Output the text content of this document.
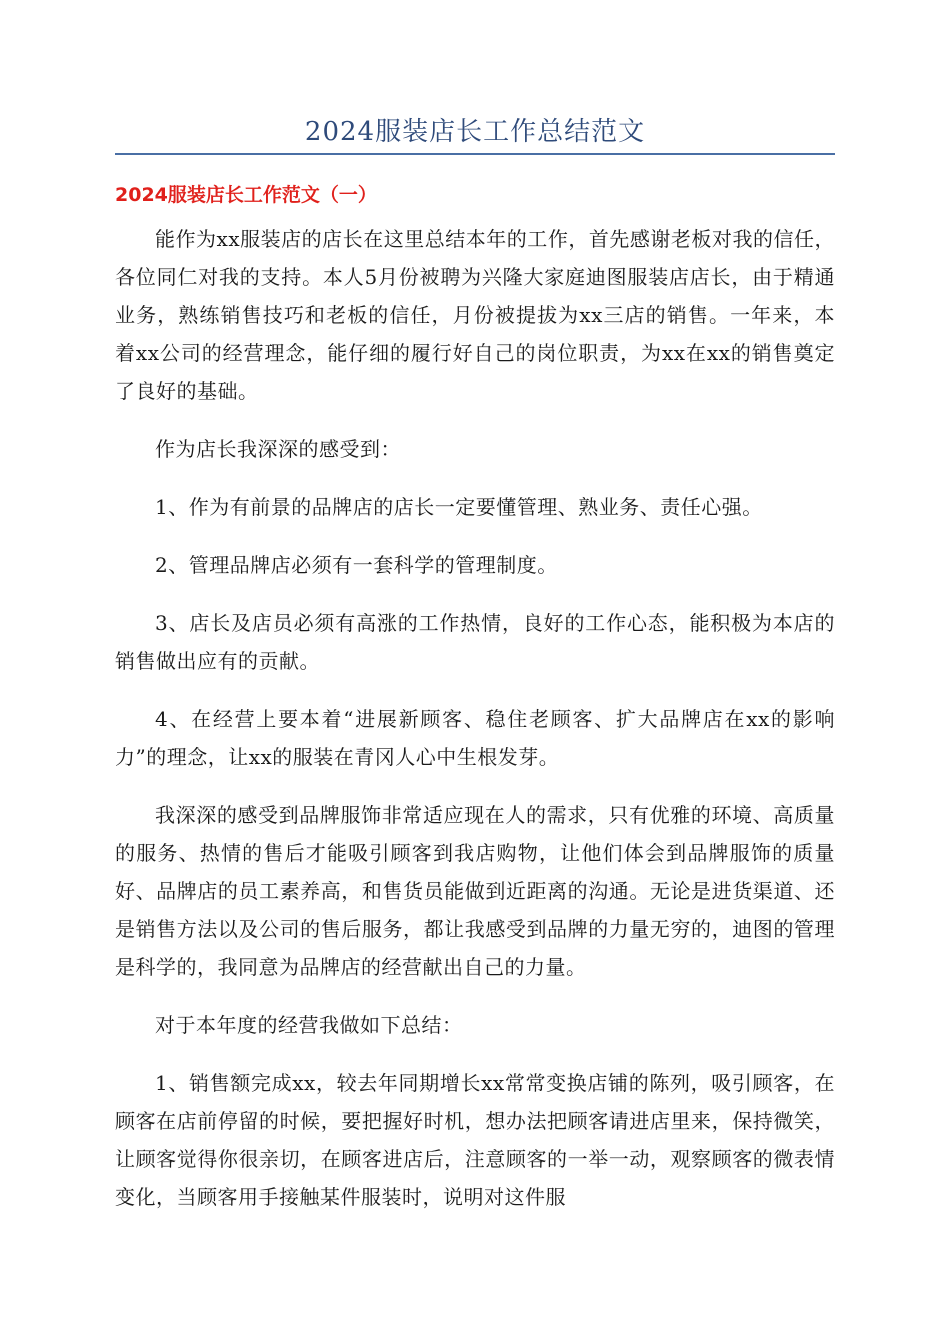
2024服装店长工作总结范文
2024服装店长工作范文（一）

能作为xx服装店的店长在这里总结本年的工作，首先感谢老板对我的信任，各位同仁对我的支持。本人5月份被聘为兴隆大家庭迪图服装店店长，由于精通业务，熟练销售技巧和老板的信任，月份被提拔为xx三店的销售。一年来，本着xx公司的经营理念，能仔细的履行好自己的岗位职责，为xx在xx的销售奠定了良好的基础。

作为店长我深深的感受到：

1、作为有前景的品牌店的店长一定要懂管理、熟业务、责任心强。

2、管理品牌店必须有一套科学的管理制度。

3、店长及店员必须有高涨的工作热情，良好的工作心态，能积极为本店的销售做出应有的贡献。

4、在经营上要本着“进展新顾客、稳住老顾客、扩大品牌店在xx的影响力”的理念，让xx的服装在青冈人心中生根发芽。

我深深的感受到品牌服饰非常适应现在人的需求，只有优雅的环境、高质量的服务、热情的售后才能吸引顾客到我店购物，让他们体会到品牌服饰的质量好、品牌店的员工素养高，和售货员能做到近距离的沟通。无论是进货渠道、还是销售方法以及公司的售后服务，都让我感受到品牌的力量无穷的，迪图的管理是科学的，我同意为品牌店的经营献出自己的力量。

对于本年度的经营我做如下总结：

1、销售额完成xx，较去年同期增长xx常常变换店铺的陈列，吸引顾客，在顾客在店前停留的时候，要把握好时机，想办法把顾客请进店里来，保持微笑，让顾客觉得你很亲切，在顾客进店后，注意顾客的一举一动，观察顾客的微表情变化，当顾客用手接触某件服装时，说明对这件服
